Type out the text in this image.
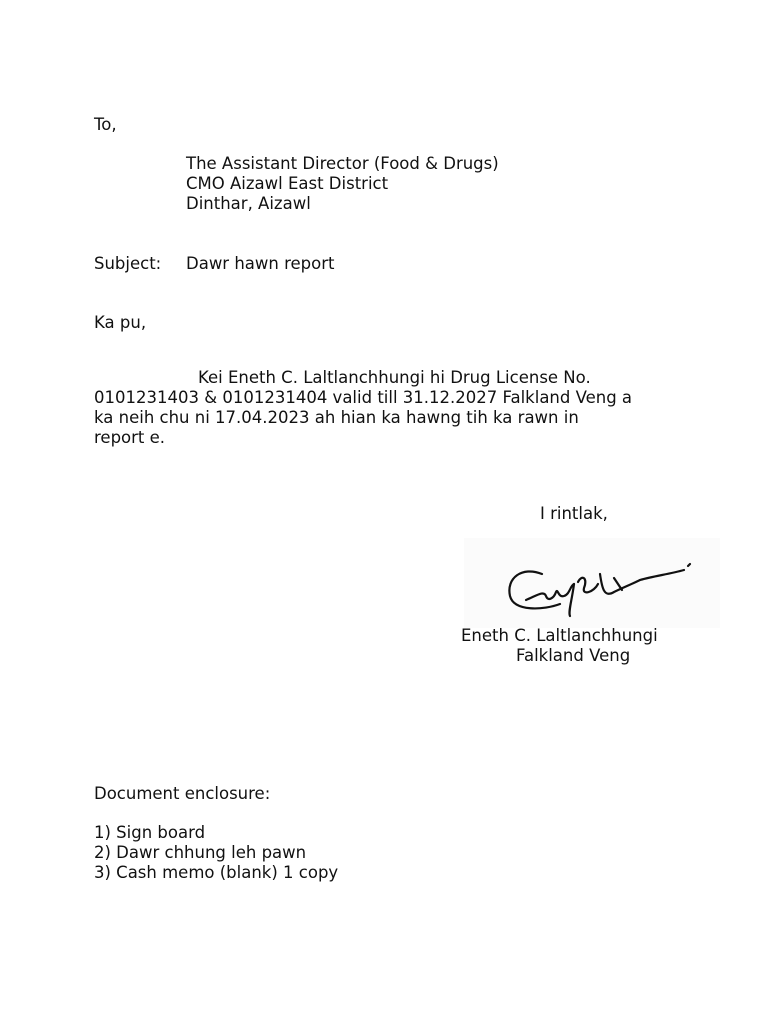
To,
The Assistant Director (Food & Drugs)
CMO Aizawl East District
Dinthar, Aizawl
Subject: Dawr hawn report
Ka pu,
Kei Eneth C. Laltlanchhungi hi Drug License No.
0101231403 & 0101231404 valid till 31.12.2027 Falkland Veng a
ka neih chu ni 17.04.2023 ah hian ka hawng tih ka rawn in
report e.
I rintlak,
Eneth C. Laltlanchhungi
Falkland Veng
Document enclosure:
1) Sign board
2) Dawr chhung leh pawn
3) Cash memo (blank) 1 copy
